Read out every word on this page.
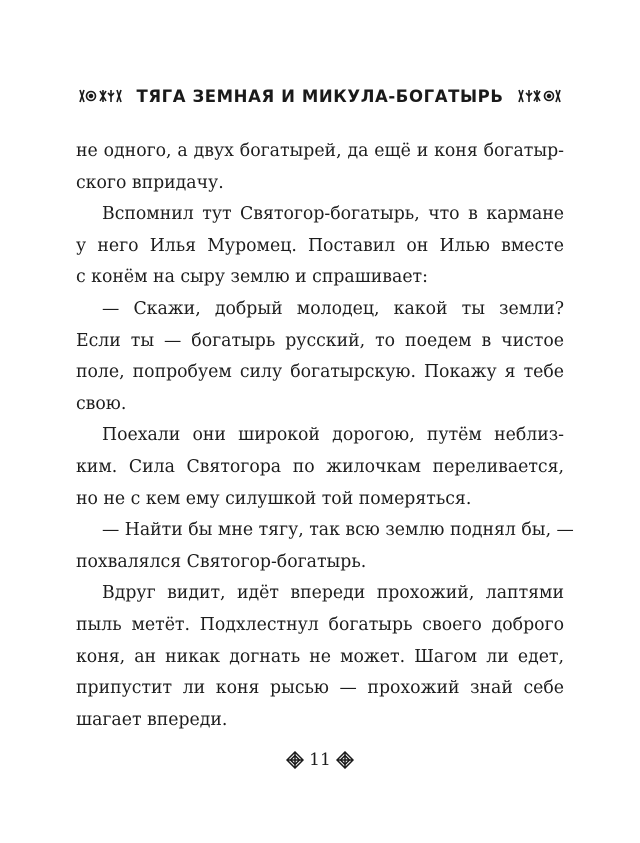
ТЯГА ЗЕМНАЯ И МИКУЛА-БОГАТЫРЬ
не одного, а двух богатырей, да ещё и коня богатыр-
ского впридачу.
Вспомнил тут Святогор-богатырь, что в кармане
у него Илья Муромец. Поставил он Илью вместе
с конём на сыру землю и спрашивает:
— Скажи, добрый молодец, какой ты земли?
Если ты — богатырь русский, то поедем в чистое
поле, попробуем силу богатырскую. Покажу я тебе
свою.
Поехали они широкой дорогою, путём неблиз-
ким. Сила Святогора по жилочкам переливается,
но не с кем ему силушкой той померяться.
— Найти бы мне тягу, так всю землю поднял бы, —
похвалялся Святогор-богатырь.
Вдруг видит, идёт впереди прохожий, лаптями
пыль метёт. Подхлестнул богатырь своего доброго
коня, ан никак догнать не может. Шагом ли едет,
припустит ли коня рысью — прохожий знай себе
шагает впереди.
11
